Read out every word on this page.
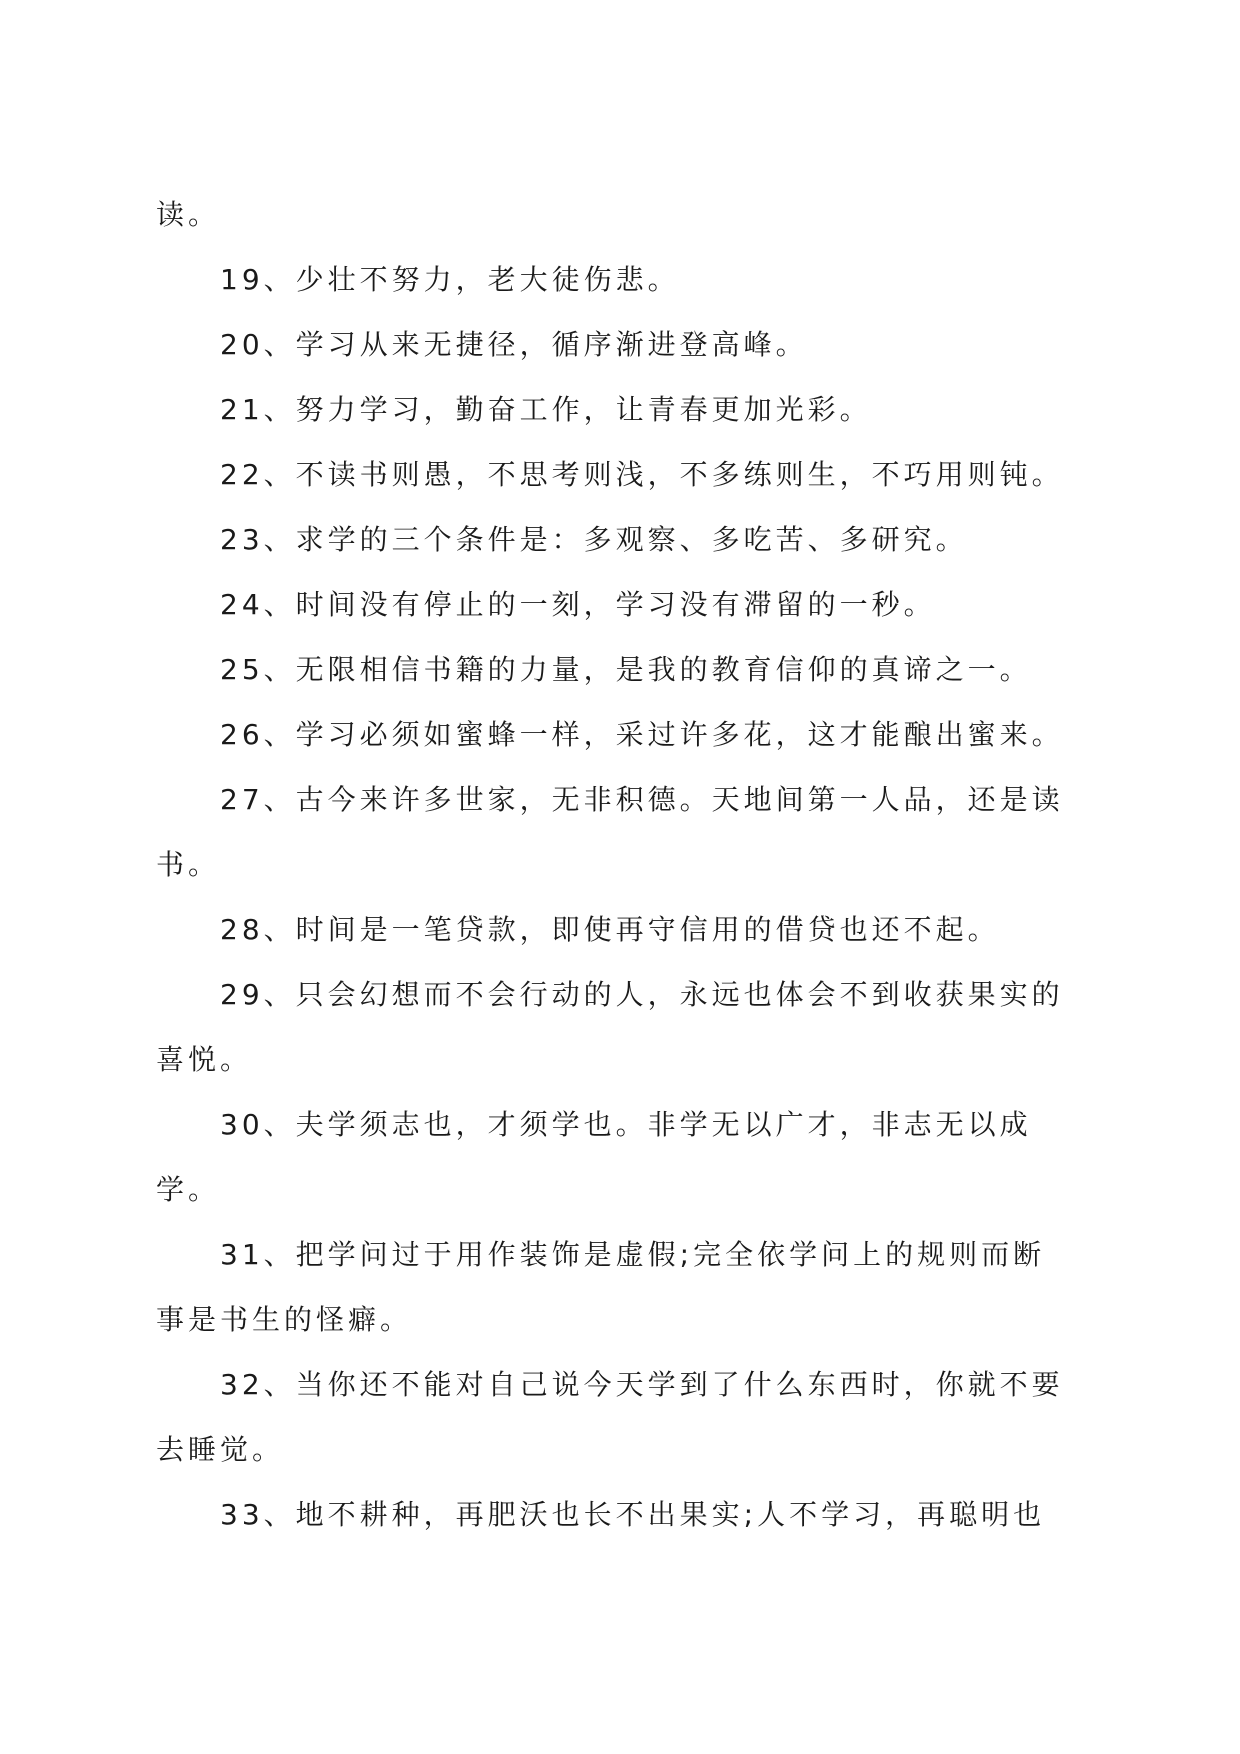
读。

19、少壮不努力，老大徒伤悲。

20、学习从来无捷径，循序渐进登高峰。

21、努力学习，勤奋工作，让青春更加光彩。

22、不读书则愚，不思考则浅，不多练则生，不巧用则钝。

23、求学的三个条件是：多观察、多吃苦、多研究。

24、时间没有停止的一刻，学习没有滞留的一秒。

25、无限相信书籍的力量，是我的教育信仰的真谛之一。

26、学习必须如蜜蜂一样，采过许多花，这才能酿出蜜来。

27、古今来许多世家，无非积德。天地间第一人品，还是读书。

28、时间是一笔贷款，即使再守信用的借贷也还不起。

29、只会幻想而不会行动的人，永远也体会不到收获果实的喜悦。

30、夫学须志也，才须学也。非学无以广才，非志无以成学。

31、把学问过于用作装饰是虚假;完全依学问上的规则而断事是书生的怪癖。

32、当你还不能对自己说今天学到了什么东西时，你就不要去睡觉。

33、地不耕种，再肥沃也长不出果实;人不学习，再聪明也
